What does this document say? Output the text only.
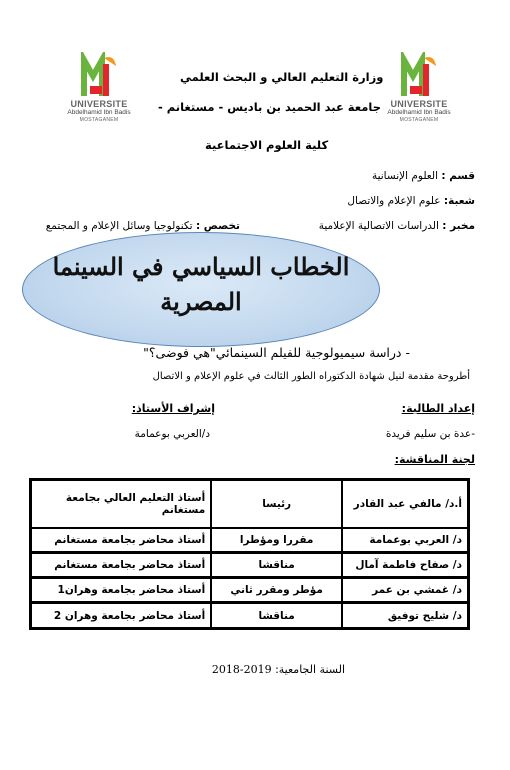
UNIVERSITE
Abdelhamid Ibn Badis
MOSTAGANEM
UNIVERSITE
Abdelhamid Ibn Badis
MOSTAGANEM
وزارة التعليم العالي و البحث العلمي
جامعة عبد الحميد بن باديس - مستغانم -
كلية العلوم الاجتماعية
قسم : العلوم الإنسانية
شعبة: علوم الإعلام والاتصال
مخبر : الدراسات الاتصالية الإعلامية
تخصص : تكنولوجيا وسائل الإعلام و المجتمع
الخطاب السياسي في السينما
المصرية
- دراسة سيميولوجية للفيلم السينمائي"هي فوضى؟"
أطروحة مقدمة لنيل شهادة الدكتوراه الطور الثالث في علوم الإعلام و الاتصال
إعداد الطالبة:
إشراف الأستاذ:
-عدة بن سليم فريدة
د/العربي بوعمامة
لجنة المناقشة:
أ.د/ مالفي عبد القادر	رئيسا	أستاذ التعليم العالي بجامعة مستغانم
د/ العربي بوعمامة	مقررا ومؤطرا	أستاذ محاضر بجامعة مستغانم
د/ صفاح فاطمة آمال	مناقشا	أستاذ محاضر بجامعة مستغانم
د/ غمشي بن عمر	مؤطر ومقرر ثاني	أستاذ محاضر بجامعة وهران1
د/ شليح توفيق	مناقشا	أستاذ محاضر بجامعة وهران 2
السنة الجامعية: 2018-2019
